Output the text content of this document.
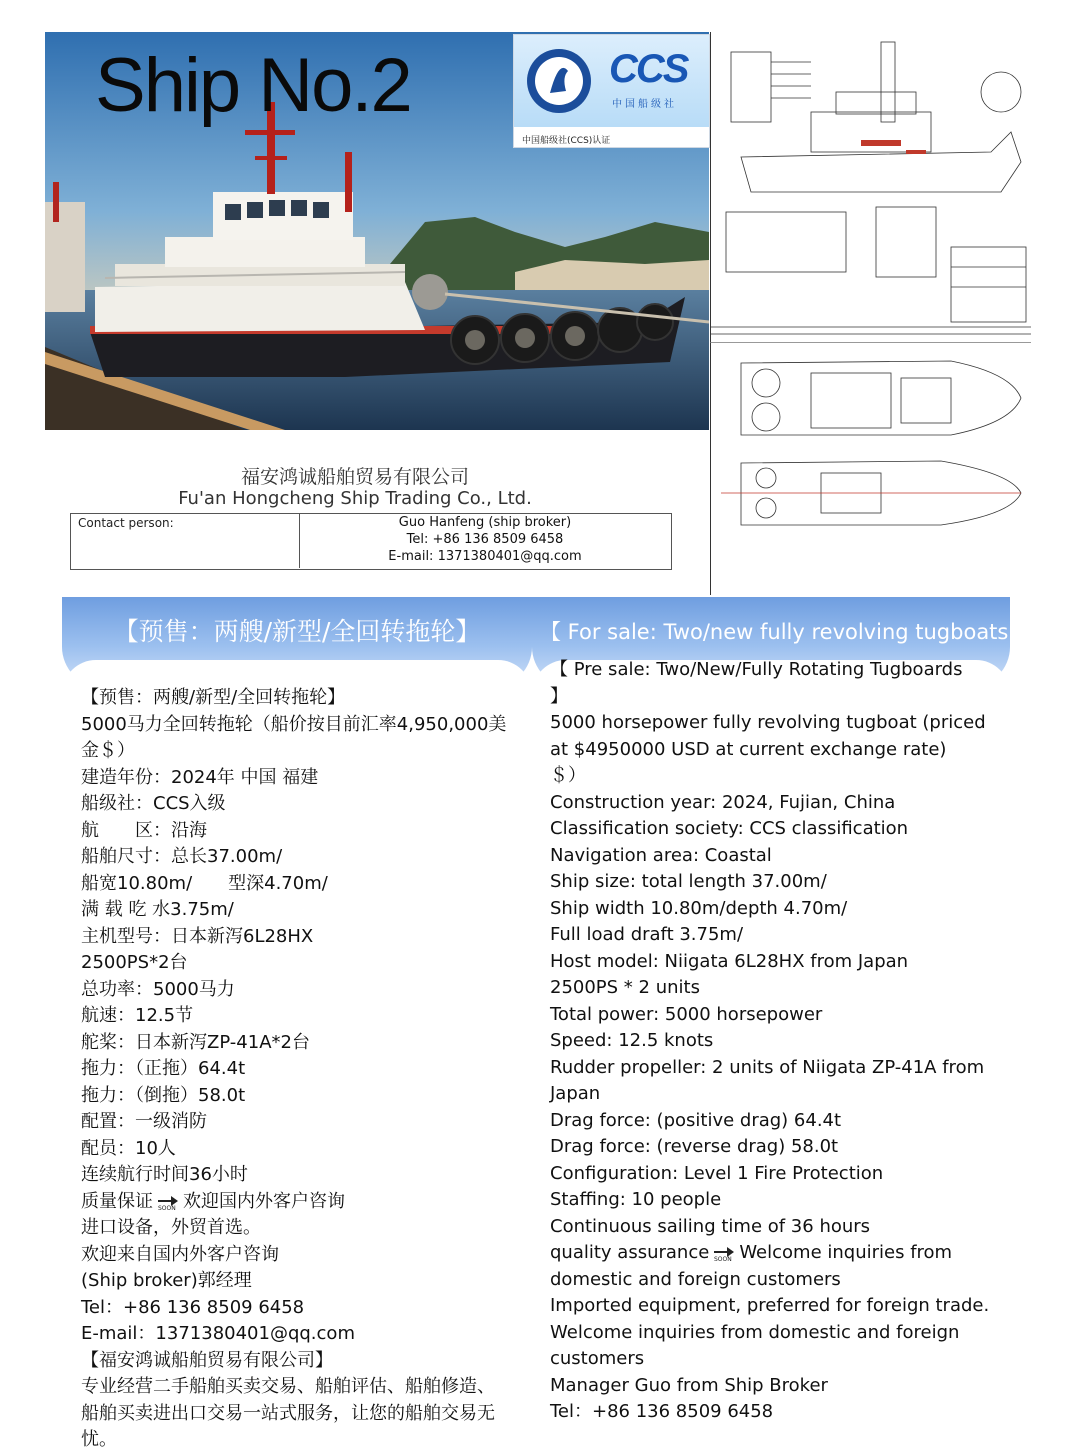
Ship No.2	CCS
中国船级社
中国船级社(CCS)认证
福安鸿诚船舶贸易有限公司
Fu'an Hongcheng Ship Trading Co., Ltd.
Contact person:	Guo Hanfeng (ship broker)
Tel: +86 136 8509 6458
E-mail: 1371380401@qq.com
【预售：两艘/新型/全回转拖轮】	【 For sale: Two/new fully revolving tugboats 】
【预售：两艘/新型/全回转拖轮】
5000马力全回转拖轮（船价按目前汇率4,950,000美
金＄）
建造年份：2024年 中国 福建
船级社：CCS入级
航　　区：沿海
船舶尺寸：总长37.00m/
船宽10.80m/　　型深4.70m/
满 载 吃 水3.75m/
主机型号：日本新泻6L28HX
2500PS*2台
总功率：5000马力
航速：12.5节
舵桨：日本新泻ZP-41A*2台
拖力：（正拖）64.4t
拖力：（倒拖）58.0t
配置：一级消防
配员：10人
连续航行时间36小时
质量保证 SOON 欢迎国内外客户咨询
进口设备，外贸首选。
欢迎来自国内外客户咨询
(Ship broker)郭经理
Tel：+86 136 8509 6458
E-mail：1371380401@qq.com
【福安鸿诚船舶贸易有限公司】
专业经营二手船舶买卖交易、船舶评估、船舶修造、
船舶买卖进出口交易一站式服务，让您的船舶交易无
忧。
【 Pre sale: Two/New/Fully Rotating Tugboards
】
5000 horsepower fully revolving tugboat (priced
at $4950000 USD at current exchange rate)
＄）
Construction year: 2024, Fujian, China
Classification society: CCS classification
Navigation area: Coastal
Ship size: total length 37.00m/
Ship width 10.80m/depth 4.70m/
Full load draft 3.75m/
Host model: Niigata 6L28HX from Japan
2500PS * 2 units
Total power: 5000 horsepower
Speed: 12.5 knots
Rudder propeller: 2 units of Niigata ZP-41A from
Japan
Drag force: (positive drag) 64.4t
Drag force: (reverse drag) 58.0t
Configuration: Level 1 Fire Protection
Staffing: 10 people
Continuous sailing time of 36 hours
quality assurance SOON Welcome inquiries from
domestic and foreign customers
Imported equipment, preferred for foreign trade.
Welcome inquiries from domestic and foreign
customers
Manager Guo from Ship Broker
Tel：+86 136 8509 6458
